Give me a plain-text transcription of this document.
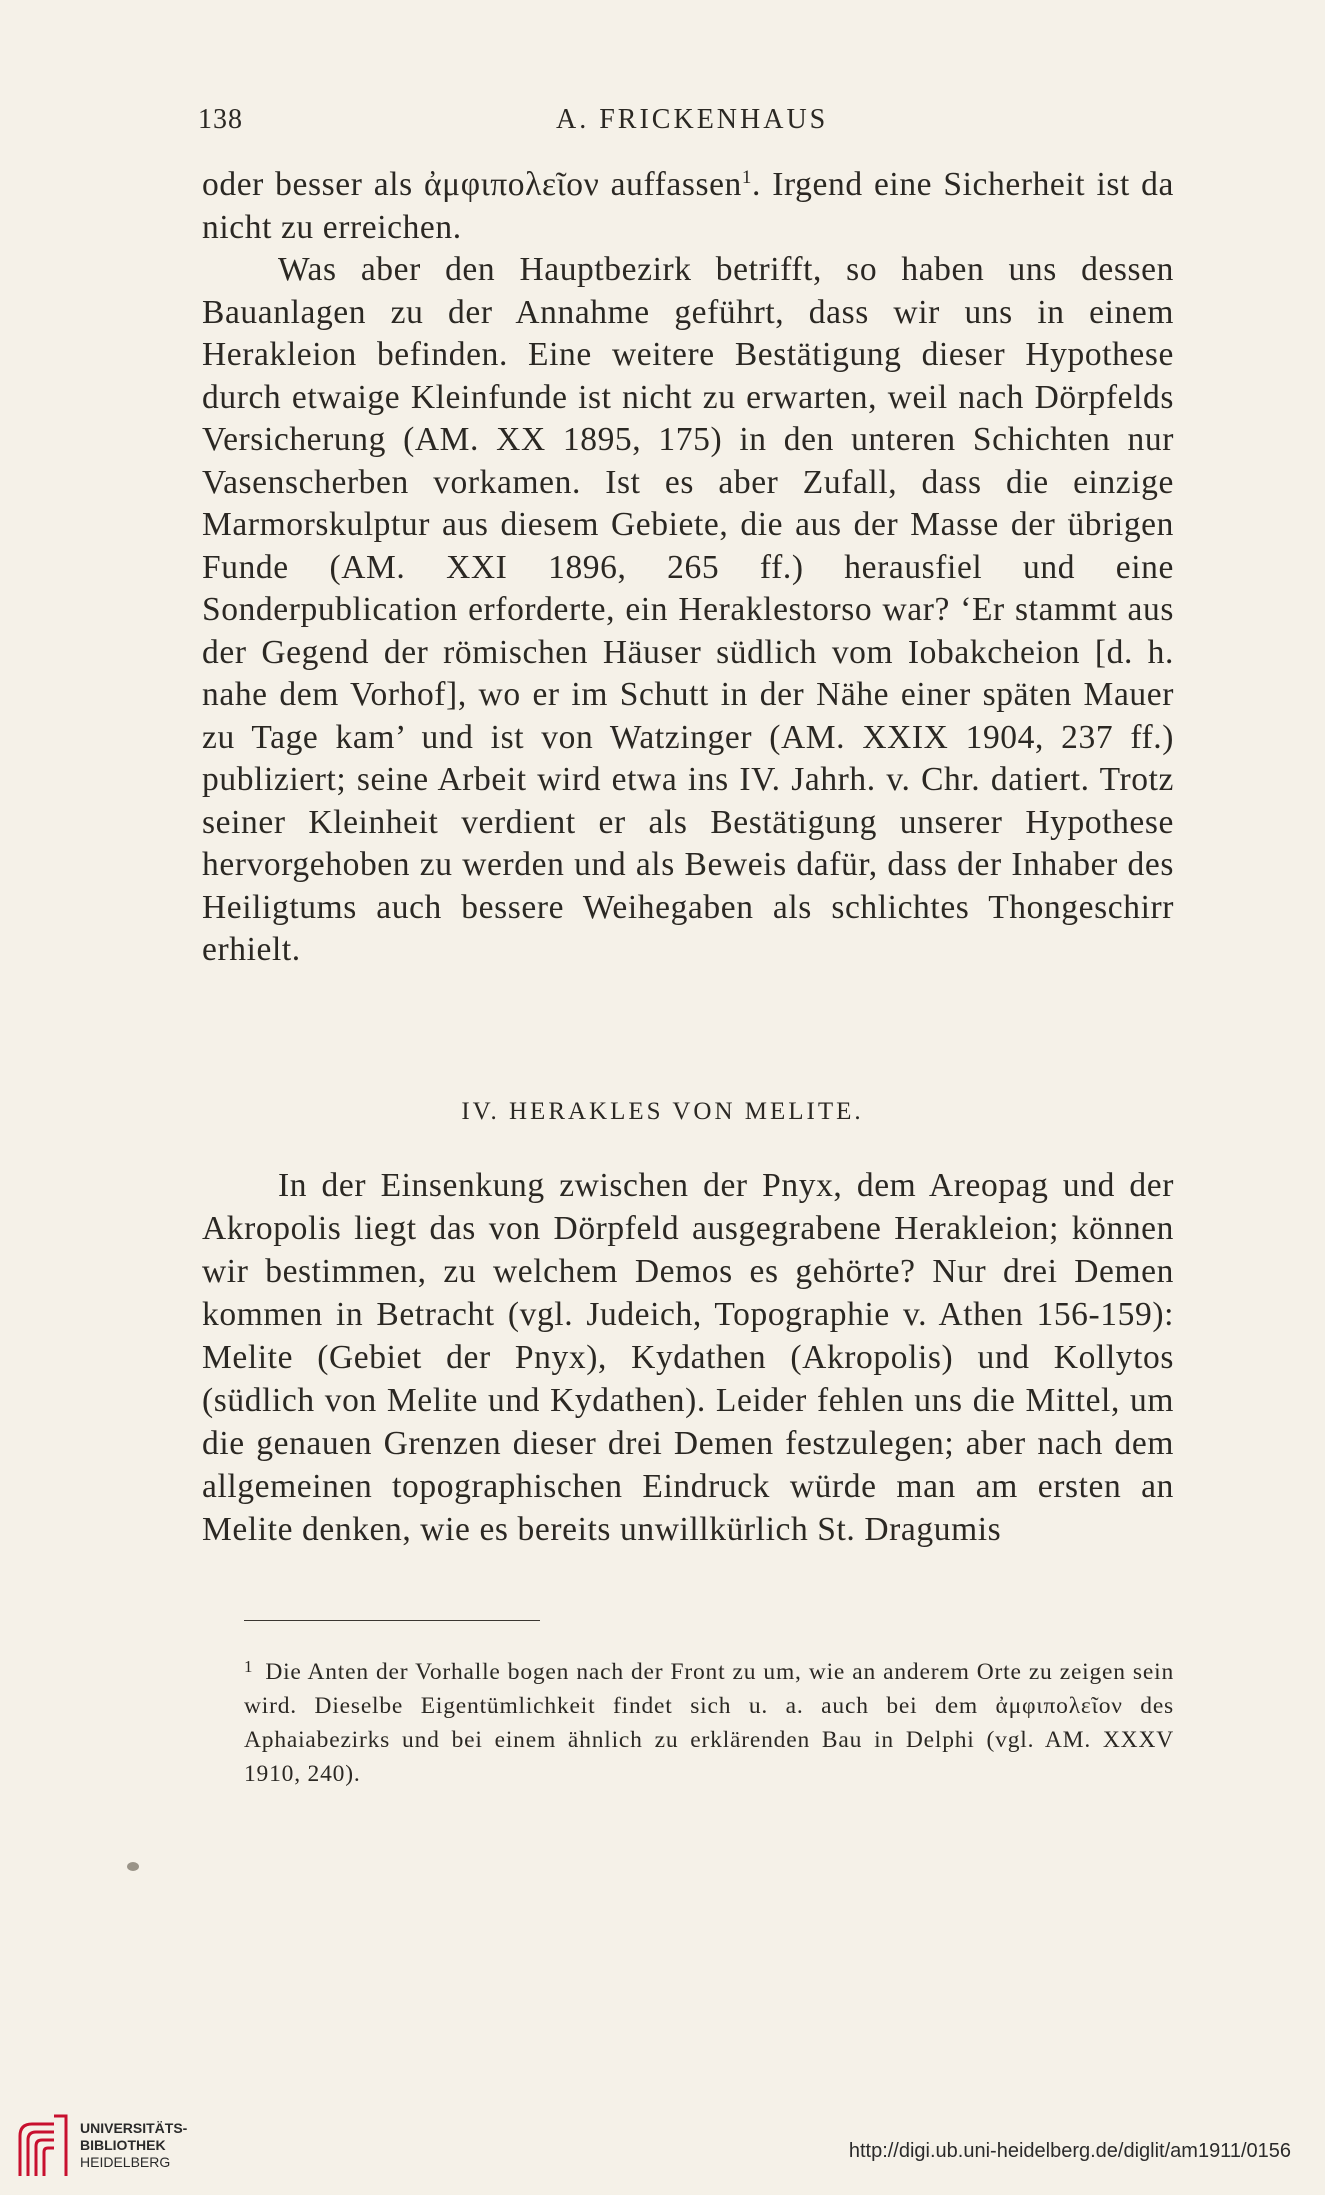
138	A. FRICKENHAUS

oder besser als ἀμφιπολεῖον auffassen$^1$. Irgend eine Sicherheit ist da nicht zu erreichen.

Was aber den Hauptbezirk betrifft, so haben uns dessen Bauanlagen zu der Annahme geführt, dass wir uns in einem Herakleion befinden. Eine weitere Bestätigung dieser Hypothese durch etwaige Kleinfunde ist nicht zu erwarten, weil nach Dörpfelds Versicherung (AM. XX 1895, 175) in den unteren Schichten nur Vasenscherben vorkamen. Ist es aber Zufall, dass die einzige Marmorskulptur aus diesem Gebiete, die aus der Masse der übrigen Funde (AM. XXI 1896, 265 ff.) herausfiel und eine Sonderpublication erforderte, ein Heraklestorso war? ‘Er stammt aus der Gegend der römischen Häuser südlich vom Iobakcheion [d. h. nahe dem Vorhof], wo er im Schutt in der Nähe einer späten Mauer zu Tage kam’ und ist von Watzinger (AM. XXIX 1904, 237 ff.) publiziert; seine Arbeit wird etwa ins IV. Jahrh. v. Chr. datiert. Trotz seiner Kleinheit verdient er als Bestätigung unserer Hypothese hervorgehoben zu werden und als Beweis dafür, dass der Inhaber des Heiligtums auch bessere Weihegaben als schlichtes Thongeschirr erhielt.

IV. HERAKLES VON MELITE.

In der Einsenkung zwischen der Pnyx, dem Areopag und der Akropolis liegt das von Dörpfeld ausgegrabene Herakleion; können wir bestimmen, zu welchem Demos es gehörte? Nur drei Demen kommen in Betracht (vgl. Judeich, Topographie v. Athen 156-159): Melite (Gebiet der Pnyx), Kydathen (Akropolis) und Kollytos (südlich von Melite und Kydathen). Leider fehlen uns die Mittel, um die genauen Grenzen dieser drei Demen festzulegen; aber nach dem allgemeinen topographischen Eindruck würde man am ersten an Melite denken, wie es bereits unwillkürlich St. Dragumis

$^1$ Die Anten der Vorhalle bogen nach der Front zu um, wie an anderem Orte zu zeigen sein wird. Dieselbe Eigentümlichkeit findet sich u. a. auch bei dem ἀμφιπολεῖον des Aphaiabezirks und bei einem ähnlich zu erklärenden Bau in Delphi (vgl. AM. XXXV 1910, 240).

UNIVERSITÄTS-
BIBLIOTHEK
HEIDELBERG	http://digi.ub.uni-heidelberg.de/diglit/am1911/0156
